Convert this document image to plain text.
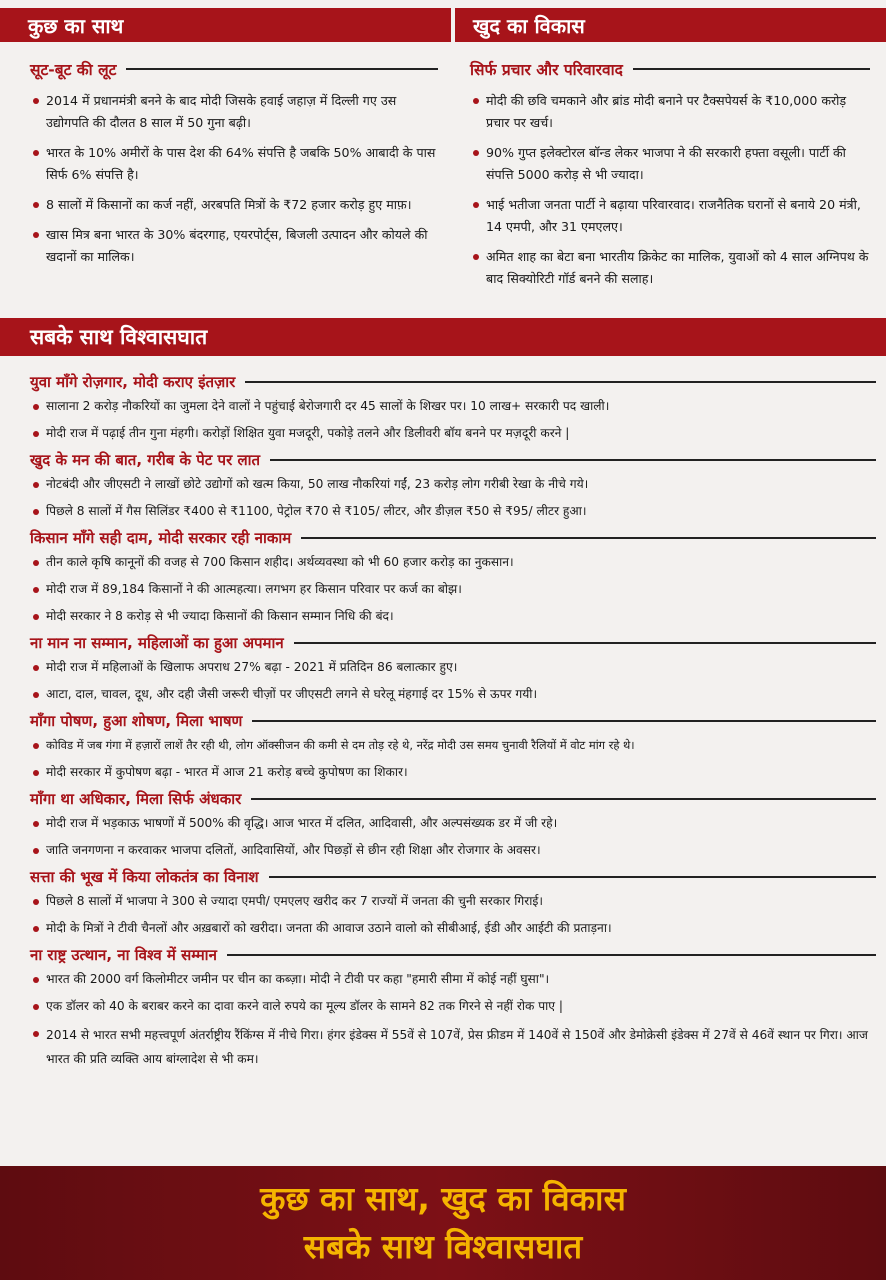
कुछ का साथ	खुद का विकास
सूट-बूट की लूट
2014 में प्रधानमंत्री बनने के बाद मोदी जिसके हवाई जहाज़ में दिल्ली गए उस उद्योगपति की दौलत 8 साल में 50 गुना बढ़ी।
भारत के 10% अमीरों के पास देश की 64% संपत्ति है जबकि 50% आबादी के पास सिर्फ 6% संपत्ति है।
8 सालों में किसानों का कर्ज नहीं, अरबपति मित्रों के ₹72 हजार करोड़ हुए माफ़।
खास मित्र बना भारत के 30% बंदरगाह, एयरपोर्ट्स, बिजली उत्पादन और कोयले की खदानों का मालिक।
सिर्फ प्रचार और परिवारवाद
मोदी की छवि चमकाने और ब्रांड मोदी बनाने पर टैक्सपेयर्स के ₹10,000 करोड़ प्रचार पर खर्च।
90% गुप्त इलेक्टोरल बॉन्ड लेकर भाजपा ने की सरकारी हफ्ता वसूली। पार्टी की संपत्ति 5000 करोड़ से भी ज्यादा।
भाई भतीजा जनता पार्टी ने बढ़ाया परिवारवाद। राजनैतिक घरानों से बनाये 20 मंत्री, 14 एमपी, और 31 एमएलए।
अमित शाह का बेटा बना भारतीय क्रिकेट का मालिक, युवाओं को 4 साल अग्निपथ के बाद सिक्योरिटी गॉर्ड बनने की सलाह।
सबके साथ विश्वासघात
युवा माँगे रोज़गार, मोदी कराए इंतज़ार
सालाना 2 करोड़ नौकरियों का जुमला देने वालों ने पहुंचाई बेरोजगारी दर 45 सालों के शिखर पर। 10 लाख+ सरकारी पद खाली।
मोदी राज में पढ़ाई तीन गुना मंहगी। करोड़ों शिक्षित युवा मजदूरी, पकोड़े तलने और डिलीवरी बॉय बनने पर मज़दूरी करने |
खुद के मन की बात, गरीब के पेट पर लात
नोटबंदी और जीएसटी ने लाखों छोटे उद्योगों को खत्म किया, 50 लाख नौकरियां गईं, 23 करोड़ लोग गरीबी रेखा के नीचे गये।
पिछले 8 सालों में गैस सिलिंडर ₹400 से ₹1100, पेट्रोल ₹70 से ₹105/ लीटर, और डीज़ल ₹50 से ₹95/ लीटर हुआ।
किसान माँगे सही दाम, मोदी सरकार रही नाकाम
तीन काले कृषि कानूनों की वजह से 700 किसान शहीद। अर्थव्यवस्था को भी 60 हजार करोड़ का नुकसान।
मोदी राज में 89,184 किसानों ने की आत्महत्या। लगभग हर किसान परिवार पर कर्ज का बोझ।
मोदी सरकार ने 8 करोड़ से भी ज्यादा किसानों की किसान सम्मान निधि की बंद।
ना मान ना सम्मान, महिलाओं का हुआ अपमान
मोदी राज में महिलाओं के खिलाफ अपराध 27% बढ़ा - 2021 में प्रतिदिन 86 बलात्कार हुए।
आटा, दाल, चावल, दूध, और दही जैसी जरूरी चीज़ों पर जीएसटी लगने से घरेलू मंहगाई दर 15% से ऊपर गयी।
माँगा पोषण, हुआ शोषण, मिला भाषण
कोविड में जब गंगा में हज़ारों लाशें तैर रही थी, लोग ऑक्सीजन की कमी से दम तोड़ रहे थे, नरेंद्र मोदी उस समय चुनावी रैलियों में वोट मांग रहे थे।
मोदी सरकार में कुपोषण बढ़ा - भारत में आज 21 करोड़ बच्चे कुपोषण का शिकार।
माँगा था अधिकार, मिला सिर्फ अंधकार
मोदी राज में भड़काऊ भाषणों में 500% की वृद्धि। आज भारत में दलित, आदिवासी, और अल्पसंख्यक डर में जी रहे।
जाति जनगणना न करवाकर भाजपा दलितों, आदिवासियों, और पिछड़ों से छीन रही शिक्षा और रोजगार के अवसर।
सत्ता की भूख में किया लोकतंत्र का विनाश
पिछले 8 सालों में भाजपा ने 300 से ज्यादा एमपी/ एमएलए खरीद कर 7 राज्यों में जनता की चुनी सरकार गिराई।
मोदी के मित्रों ने टीवी चैनलों और अख़बारों को खरीदा। जनता की आवाज उठाने वालो को सीबीआई, ईडी और आईटी की प्रताड़ना।
ना राष्ट्र उत्थान, ना विश्व में सम्मान
भारत की 2000 वर्ग किलोमीटर जमीन पर चीन का कब्ज़ा। मोदी ने टीवी पर कहा "हमारी सीमा में कोई नहीं घुसा"।
एक डॉलर को 40 के बराबर करने का दावा करने वाले रुपये का मूल्य डॉलर के सामने 82 तक गिरने से नहीं रोक पाए |
2014 से भारत सभी महत्त्वपूर्ण अंतर्राष्ट्रीय रैंकिंग्स में नीचे गिरा। हंगर इंडेक्स में 55वें से 107वें, प्रेस फ्रीडम में 140वें से 150वें और डेमोक्रेसी इंडेक्स में 27वें से 46वें स्थान पर गिरा। आज भारत की प्रति व्यक्ति आय बांग्लादेश से भी कम।
कुछ का साथ, खुद का विकास
सबके साथ विश्वासघात
